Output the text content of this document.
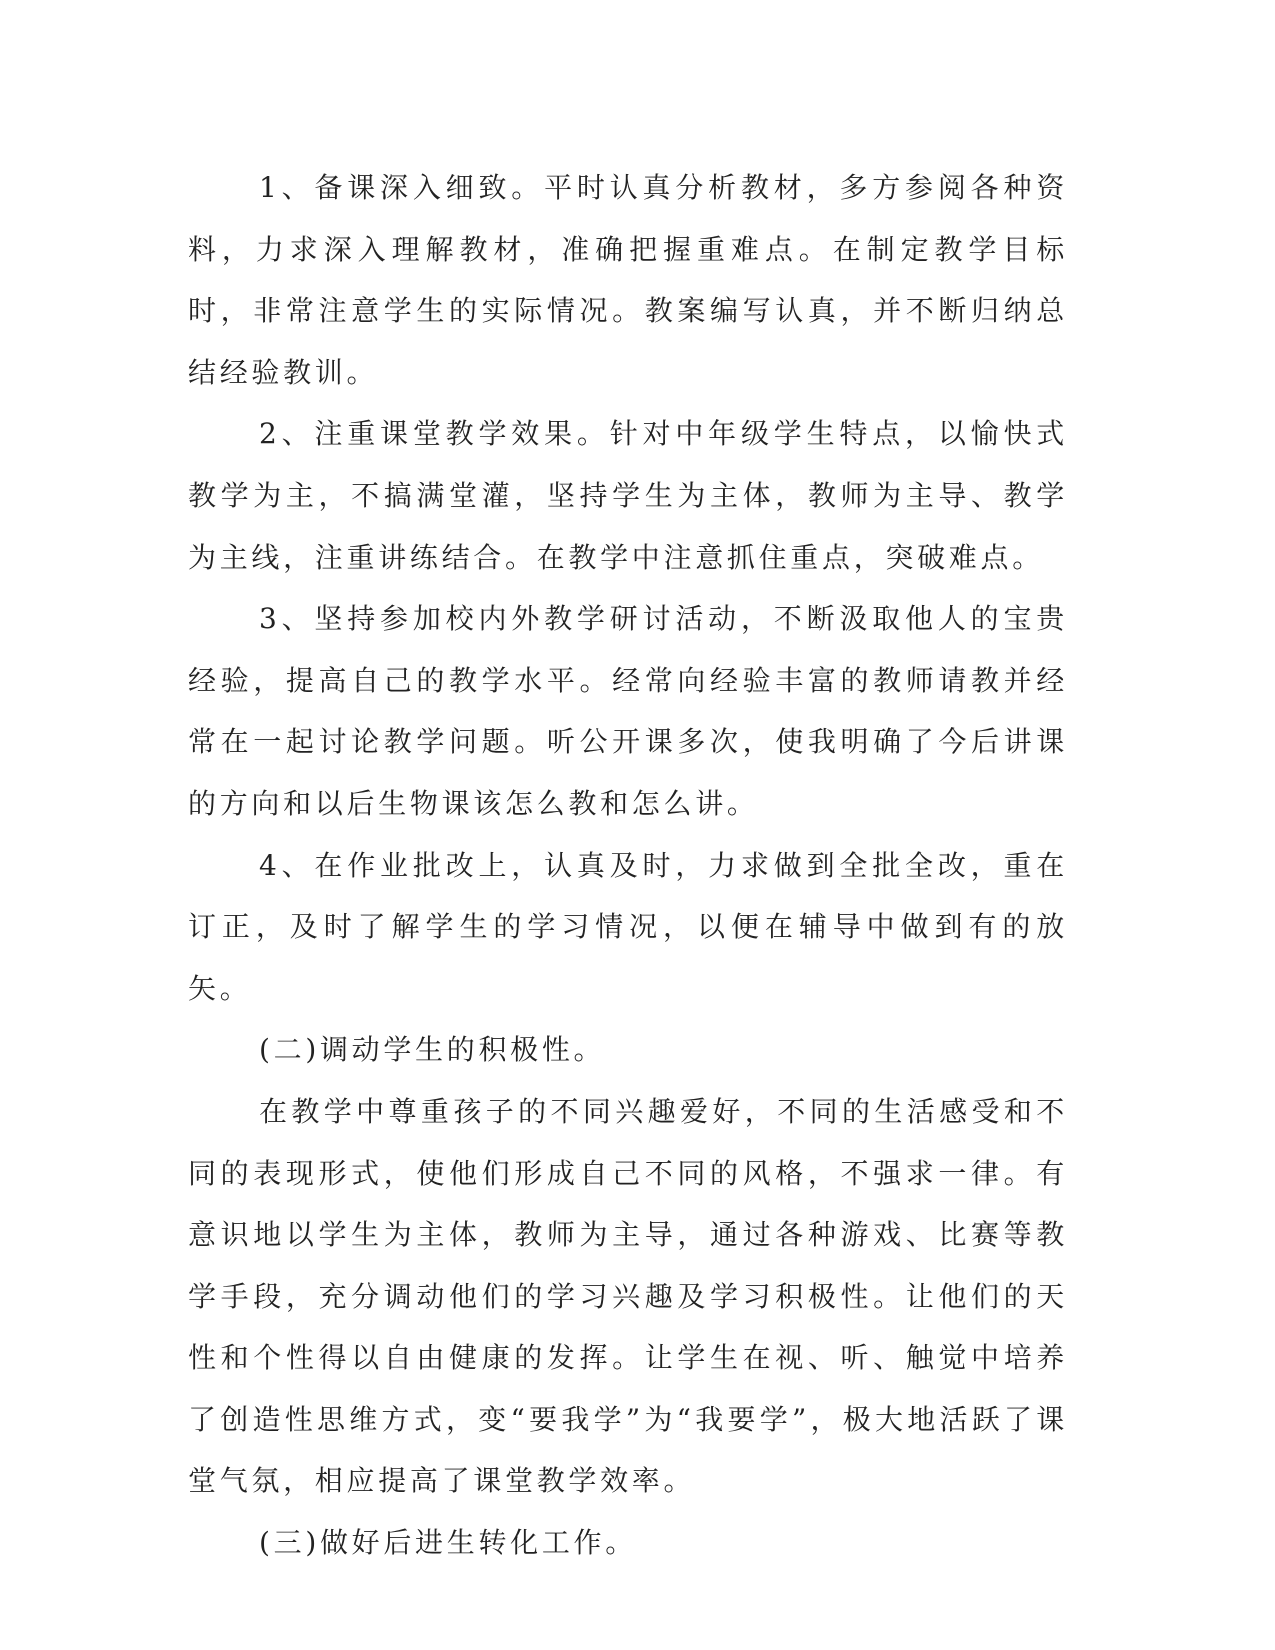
1、备课深入细致。平时认真分析教材，多方参阅各种资料，力求深入理解教材，准确把握重难点。在制定教学目标时，非常注意学生的实际情况。教案编写认真，并不断归纳总结经验教训。

2、注重课堂教学效果。针对中年级学生特点，以愉快式教学为主，不搞满堂灌，坚持学生为主体，教师为主导、教学为主线，注重讲练结合。在教学中注意抓住重点，突破难点。

3、坚持参加校内外教学研讨活动，不断汲取他人的宝贵经验，提高自己的教学水平。经常向经验丰富的教师请教并经常在一起讨论教学问题。听公开课多次，使我明确了今后讲课的方向和以后生物课该怎么教和怎么讲。

4、在作业批改上，认真及时，力求做到全批全改，重在订正，及时了解学生的学习情况，以便在辅导中做到有的放矢。

(二)调动学生的积极性。

在教学中尊重孩子的不同兴趣爱好，不同的生活感受和不同的表现形式，使他们形成自己不同的风格，不强求一律。有意识地以学生为主体，教师为主导，通过各种游戏、比赛等教学手段，充分调动他们的学习兴趣及学习积极性。让他们的天性和个性得以自由健康的发挥。让学生在视、听、触觉中培养了创造性思维方式，变“要我学”为“我要学”，极大地活跃了课堂气氛，相应提高了课堂教学效率。

(三)做好后进生转化工作。
